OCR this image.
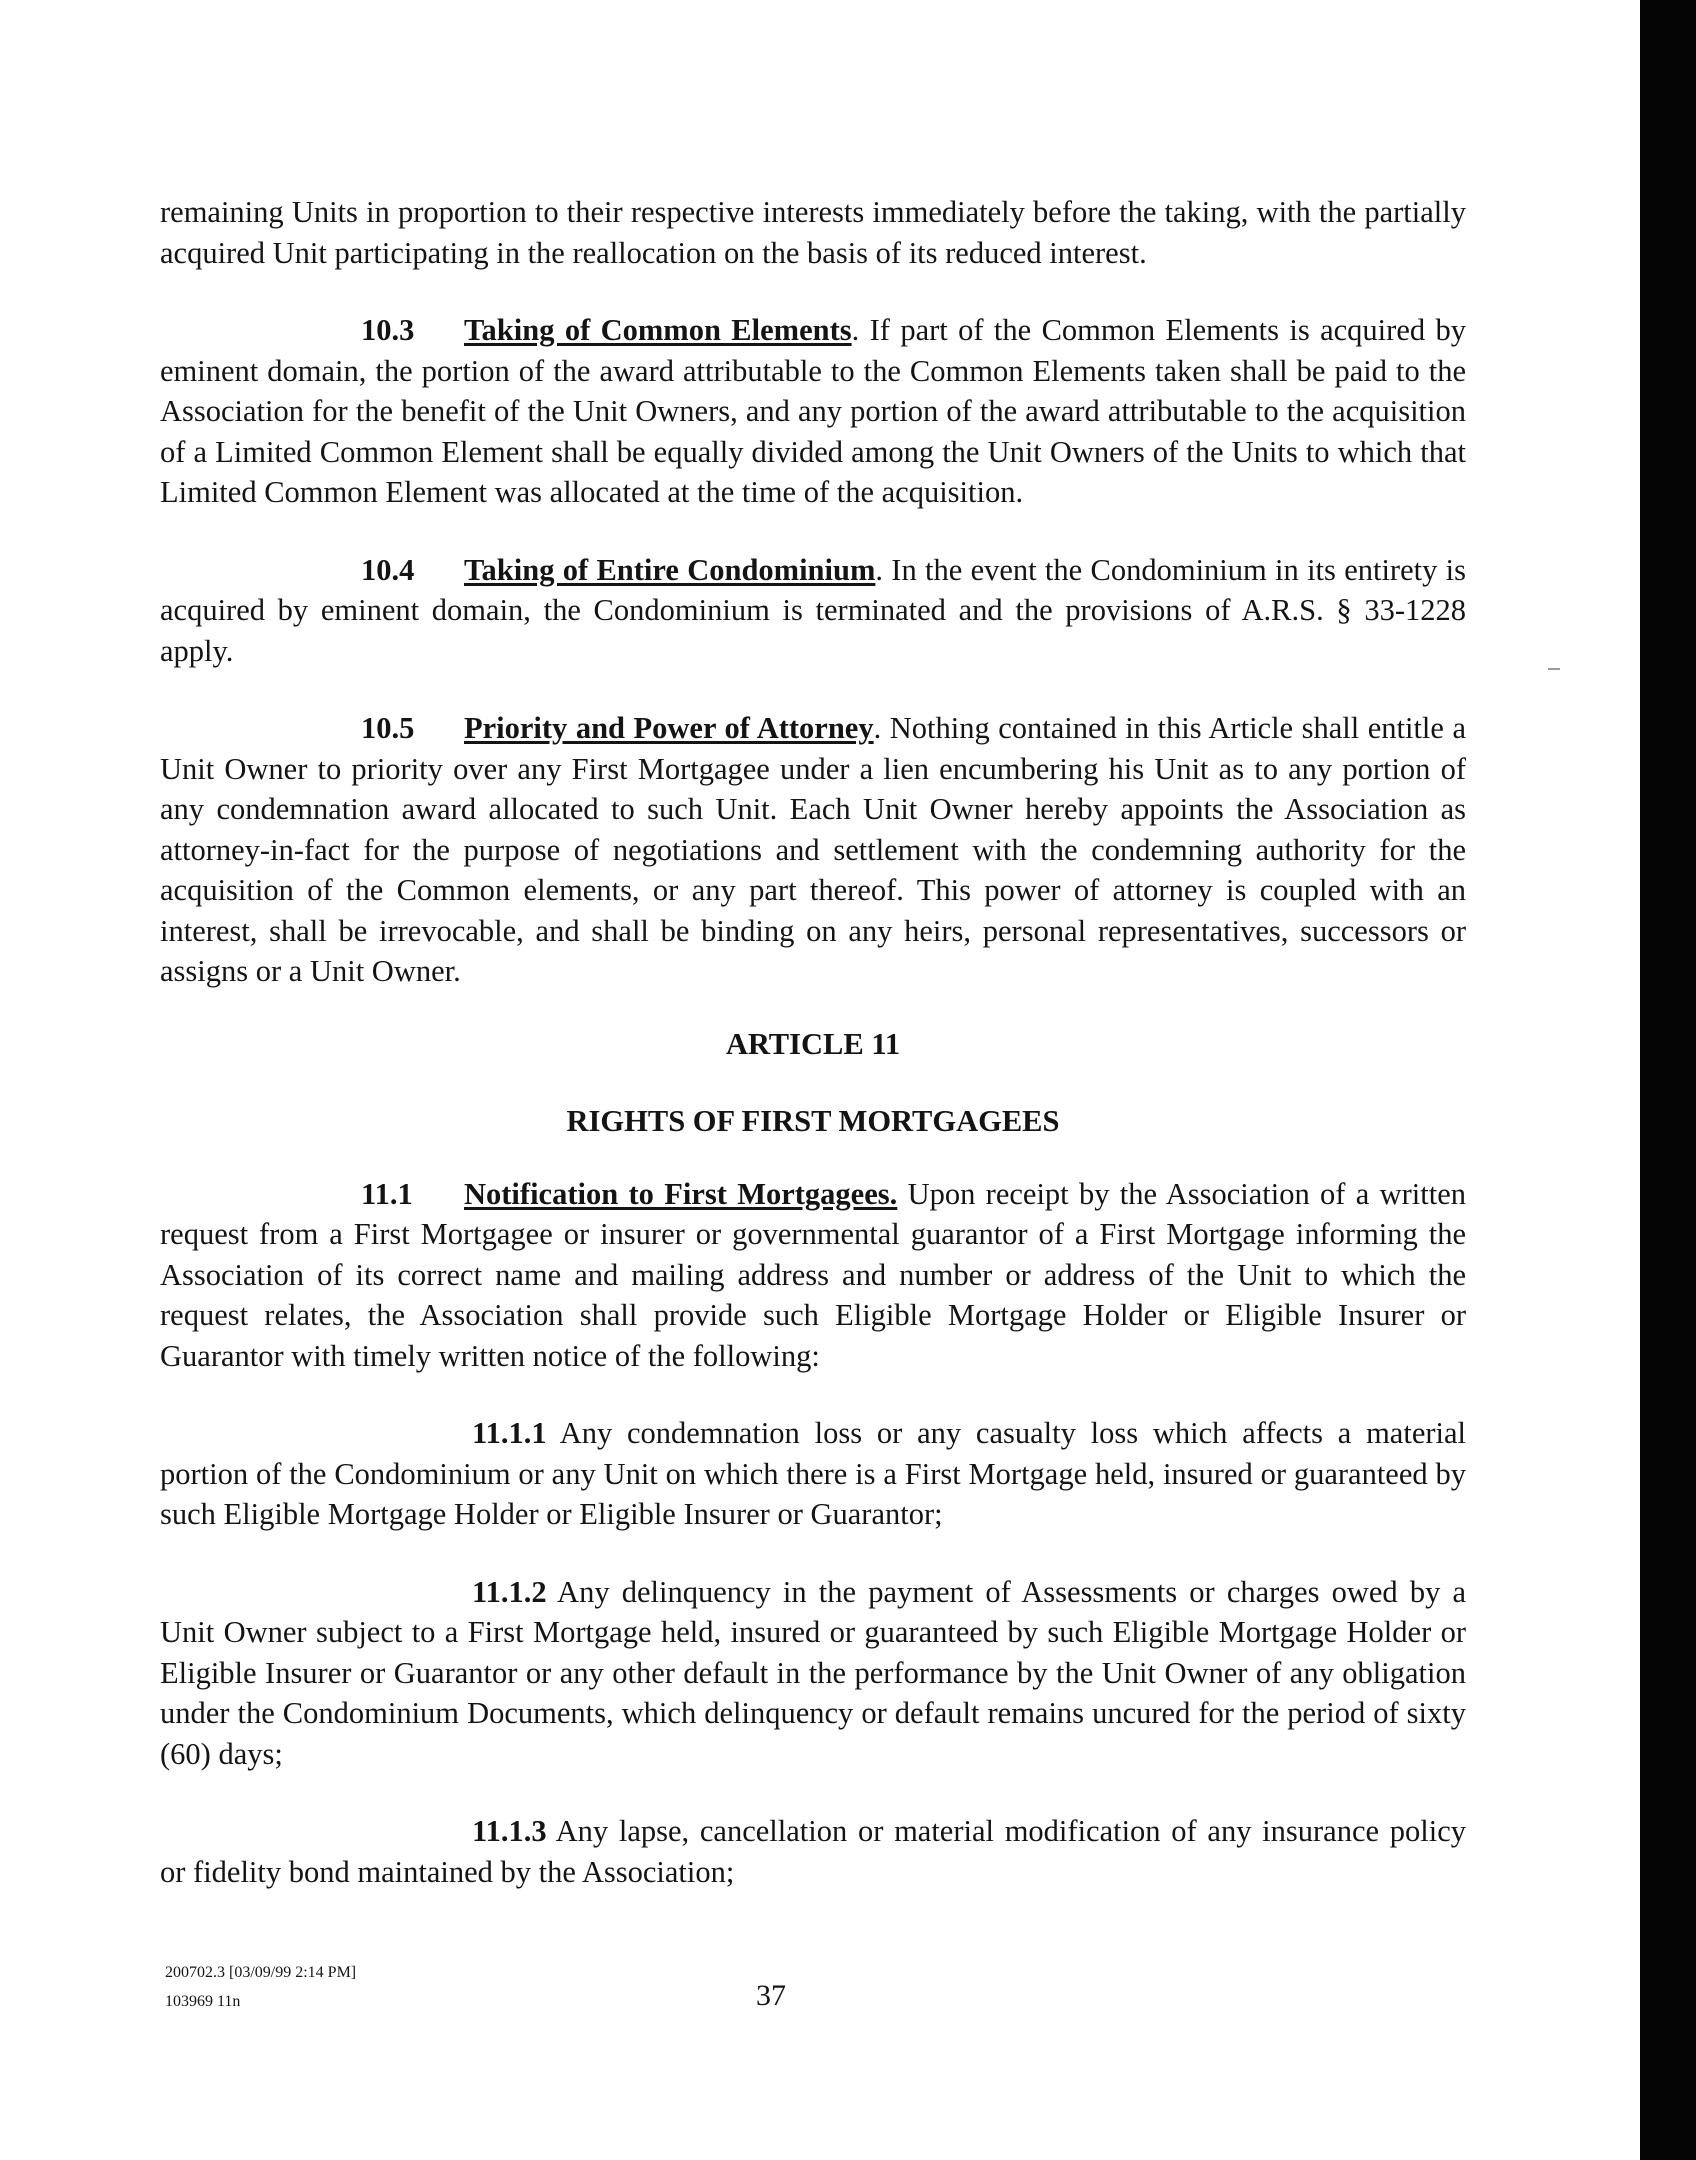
remaining Units in proportion to their respective interests immediately before the taking, with the partially acquired Unit participating in the reallocation on the basis of its reduced interest.

10.3 Taking of Common Elements. If part of the Common Elements is acquired by eminent domain, the portion of the award attributable to the Common Elements taken shall be paid to the Association for the benefit of the Unit Owners, and any portion of the award attributable to the acquisition of a Limited Common Element shall be equally divided among the Unit Owners of the Units to which that Limited Common Element was allocated at the time of the acquisition.

10.4 Taking of Entire Condominium. In the event the Condominium in its entirety is acquired by eminent domain, the Condominium is terminated and the provisions of A.R.S. § 33-1228 apply.

10.5 Priority and Power of Attorney. Nothing contained in this Article shall entitle a Unit Owner to priority over any First Mortgagee under a lien encumbering his Unit as to any portion of any condemnation award allocated to such Unit. Each Unit Owner hereby appoints the Association as attorney-in-fact for the purpose of negotiations and settlement with the condemning authority for the acquisition of the Common elements, or any part thereof. This power of attorney is coupled with an interest, shall be irrevocable, and shall be binding on any heirs, personal representatives, successors or assigns or a Unit Owner.

ARTICLE 11

RIGHTS OF FIRST MORTGAGEES

11.1 Notification to First Mortgagees. Upon receipt by the Association of a written request from a First Mortgagee or insurer or governmental guarantor of a First Mortgage informing the Association of its correct name and mailing address and number or address of the Unit to which the request relates, the Association shall provide such Eligible Mortgage Holder or Eligible Insurer or Guarantor with timely written notice of the following:

11.1.1 Any condemnation loss or any casualty loss which affects a material portion of the Condominium or any Unit on which there is a First Mortgage held, insured or guaranteed by such Eligible Mortgage Holder or Eligible Insurer or Guarantor;

11.1.2 Any delinquency in the payment of Assessments or charges owed by a Unit Owner subject to a First Mortgage held, insured or guaranteed by such Eligible Mortgage Holder or Eligible Insurer or Guarantor or any other default in the performance by the Unit Owner of any obligation under the Condominium Documents, which delinquency or default remains uncured for the period of sixty (60) days;

11.1.3 Any lapse, cancellation or material modification of any insurance policy or fidelity bond maintained by the Association;

200702.3 [03/09/99 2:14 PM]
103969 11n	37
